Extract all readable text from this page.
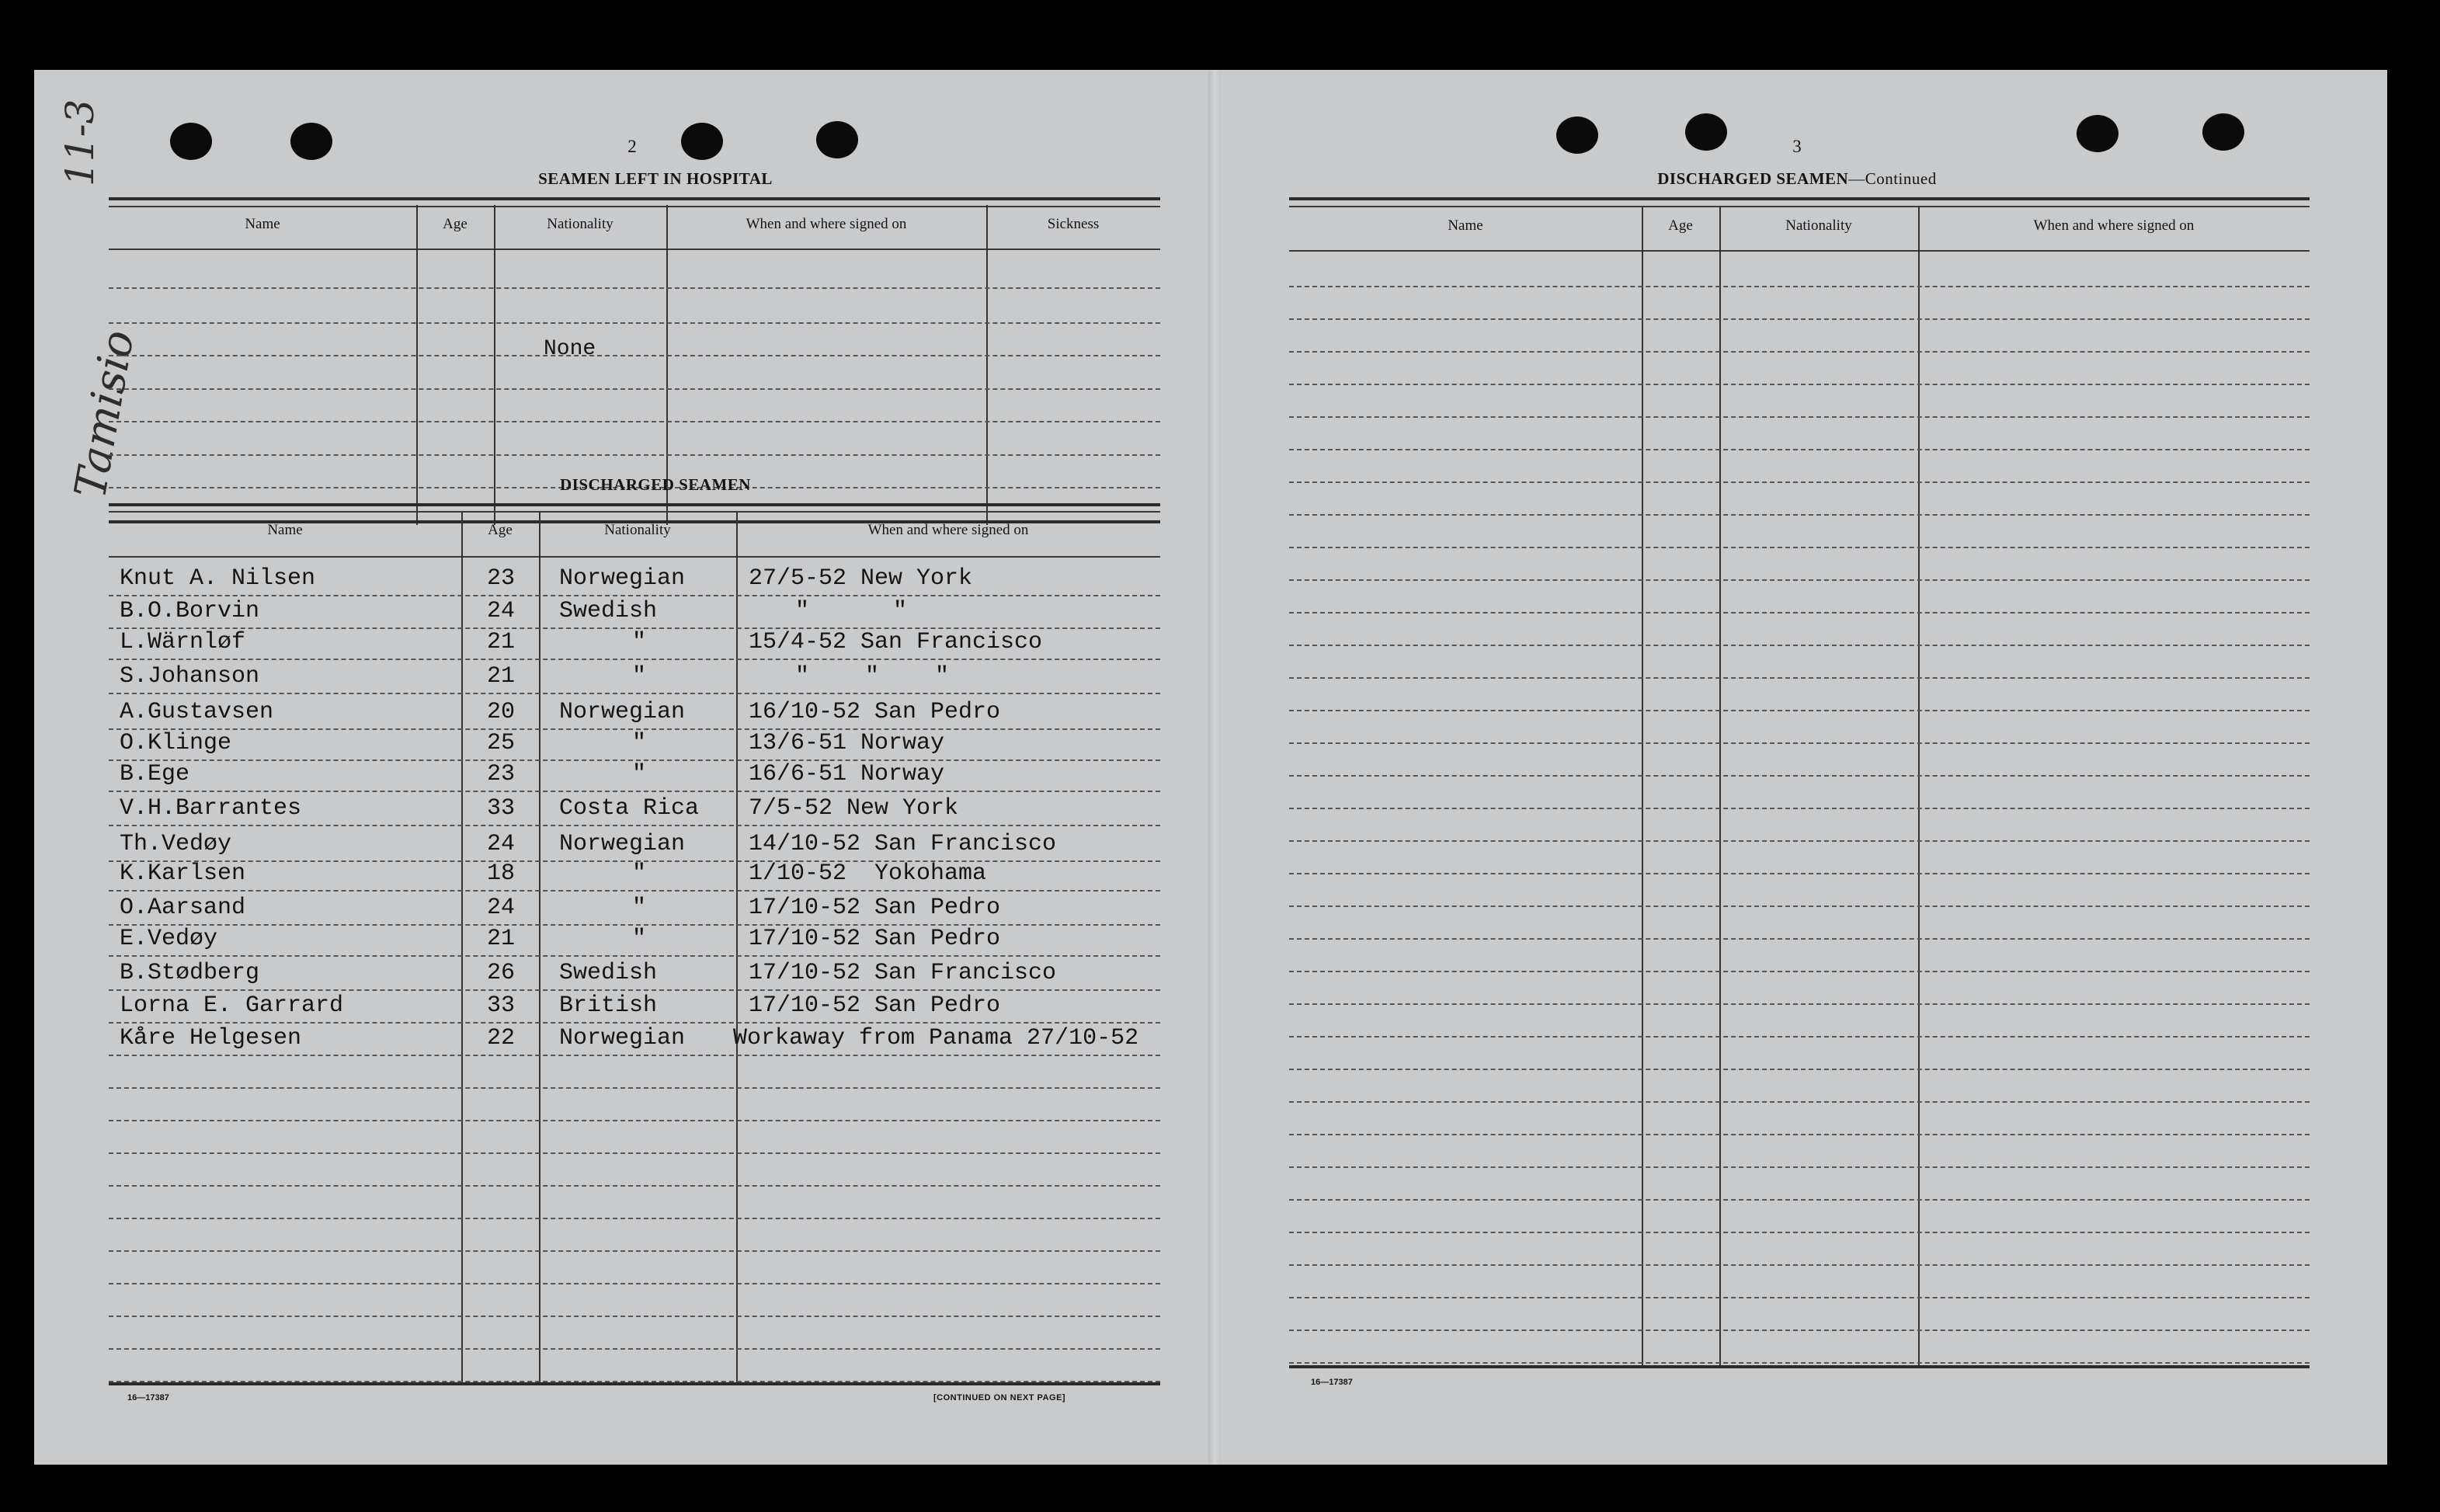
11-3
Tamisio
2
SEAMEN LEFT IN HOSPITAL
Name	Age	Nationality	When and where signed on	Sickness
None
DISCHARGED SEAMEN
Name	Age	Nationality	When and where signed on
Knut A. Nilsen	23 Norwegian	27/5-52 New York
B.O.Borvin	24 Swedish	"      "
L.Wärnløf	21	"	15/4-52 San Francisco
S.Johanson	21	"	"    "    "
A.Gustavsen	20 Norwegian	16/10-52 San Pedro
O.Klinge	25	"	13/6-51 Norway
B.Ege	23	"	16/6-51 Norway
V.H.Barrantes	33 Costa Rica 7/5-52 New York
Th.Vedøy	24 Norwegian	14/10-52 San Francisco
K.Karlsen	18	"	1/10-52  Yokohama
O.Aarsand	24	"	17/10-52 San Pedro
E.Vedøy	21	"	17/10-52 San Pedro
B.Stødberg	26 Swedish	17/10-52 San Francisco
Lorna E. Garrard	33 British	17/10-52 San Pedro
Kåre Helgesen	22 Norwegian Workaway from Panama 27/10-52
16—17387	[CONTINUED ON NEXT PAGE]
3
DISCHARGED SEAMEN—Continued
Name	Age	Nationality	When and where signed on
16—17387
